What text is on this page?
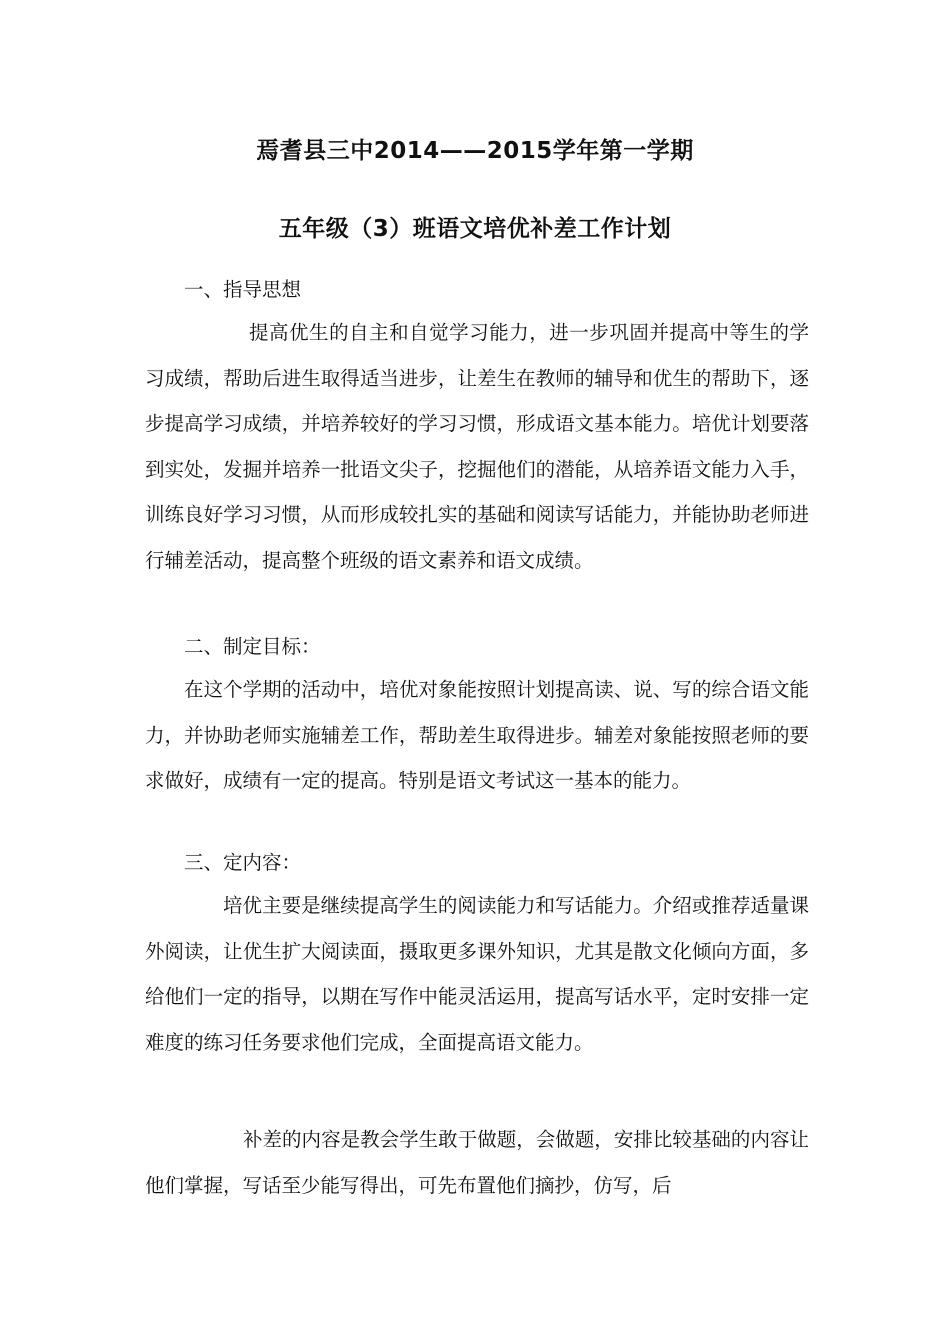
焉耆县三中2014——2015学年第一学期
五年级（3）班语文培优补差工作计划

一、指导思想

提高优生的自主和自觉学习能力，进一步巩固并提高中等生的学习成绩，帮助后进生取得适当进步，让差生在教师的辅导和优生的帮助下，逐步提高学习成绩，并培养较好的学习习惯，形成语文基本能力。培优计划要落到实处，发掘并培养一批语文尖子，挖掘他们的潜能，从培养语文能力入手，训练良好学习习惯，从而形成较扎实的基础和阅读写话能力，并能协助老师进行辅差活动，提高整个班级的语文素养和语文成绩。

二、制定目标：

在这个学期的活动中，培优对象能按照计划提高读、说、写的综合语文能力，并协助老师实施辅差工作，帮助差生取得进步。辅差对象能按照老师的要求做好，成绩有一定的提高。特别是语文考试这一基本的能力。

三、定内容：

培优主要是继续提高学生的阅读能力和写话能力。介绍或推荐适量课外阅读，让优生扩大阅读面，摄取更多课外知识，尤其是散文化倾向方面，多给他们一定的指导，以期在写作中能灵活运用，提高写话水平，定时安排一定难度的练习任务要求他们完成，全面提高语文能力。

补差的内容是教会学生敢于做题，会做题，安排比较基础的内容让他们掌握，写话至少能写得出，可先布置他们摘抄，仿写，后
